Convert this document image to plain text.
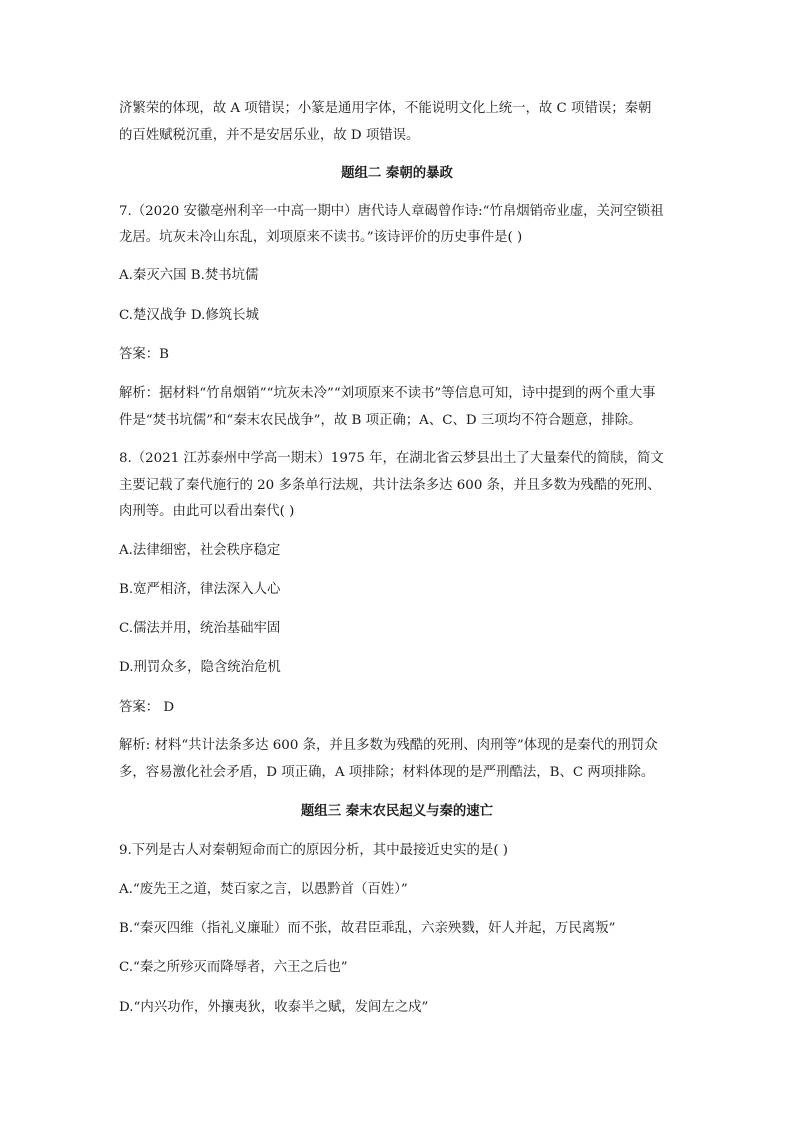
济繁荣的体现，故 A 项错误；小篆是通用字体，不能说明文化上统一，故 C 项错误；秦朝
的百姓赋税沉重，并不是安居乐业，故 D 项错误。
题组二 秦朝的暴政
7.（2020 安徽亳州利辛一中高一期中）唐代诗人章碣曾作诗:“竹帛烟销帝业虚，关河空锁祖
龙居。坑灰未冷山东乱，刘项原来不读书。”该诗评价的历史事件是( )
A.秦灭六国 B.焚书坑儒
C.楚汉战争 D.修筑长城
答案：B
解析：据材料“竹帛烟销”“坑灰未冷”“刘项原来不读书”等信息可知，诗中提到的两个重大事
件是“焚书坑儒”和“秦末农民战争”，故 B 项正确；A、C、D 三项均不符合题意，排除。
8.（2021 江苏泰州中学高一期末）1975 年，在湖北省云梦县出土了大量秦代的简牍，简文
主要记载了秦代施行的 20 多条单行法规，共计法条多达 600 条，并且多数为残酷的死刑、
肉刑等。由此可以看出秦代( )
A.法律细密，社会秩序稳定
B.宽严相济，律法深入人心
C.儒法并用，统治基础牢固
D.刑罚众多，隐含统治危机
答案： D
解析: 材料“共计法条多达 600 条，并且多数为残酷的死刑、肉刑等”体现的是秦代的刑罚众
多，容易激化社会矛盾，D 项正确，A 项排除；材料体现的是严刑酷法，B、C 两项排除。
题组三 秦末农民起义与秦的速亡
9.下列是古人对秦朝短命而亡的原因分析，其中最接近史实的是( )
A.“废先王之道，焚百家之言，以愚黔首（百姓）”
B.“秦灭四维（指礼义廉耻）而不张，故君臣乖乱，六亲殃戮，奸人并起，万民离叛”
C.“秦之所殄灭而降辱者，六王之后也”
D.“内兴功作，外攘夷狄，收泰半之赋，发闾左之戍”
